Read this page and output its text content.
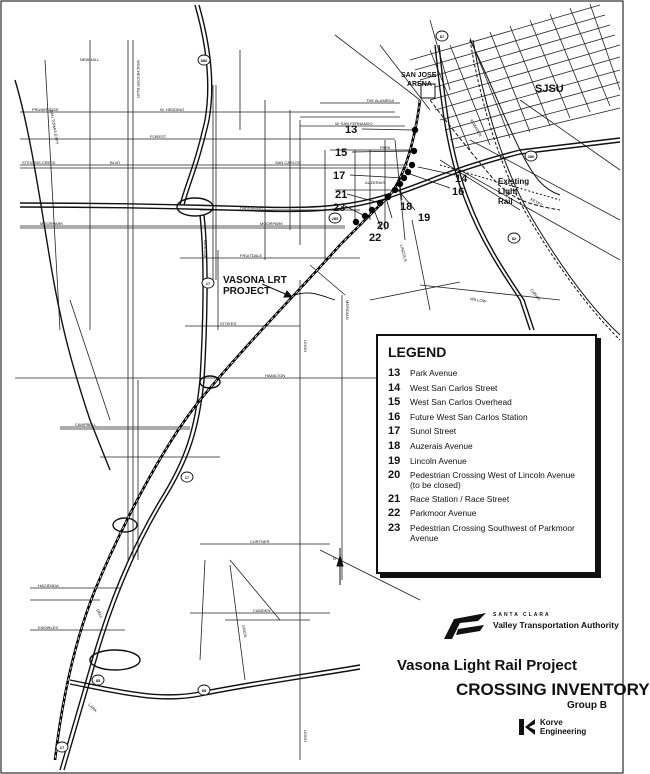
880
87
280
280
17
17
17
85
85
82
SAN JOSE
ARENA
NEWHALL
W. HEDDING
PRUNERIDGE
FOREST
STEVENS CREEK	BLVD	SAN CARLOS
PARKMOOR
MOORPARK	MOORPARK
FRUITDALE
STOKES
HAMILTON
CAMPBELL
CURTNER
CAMDEN
HACIENDA
KNOWLES
THE ALAMEDA
W. SAN FERNANDO
PARK
AUZERAIS
Caltrain
WINCHESTER BLVD
BASCOM
MERIDIAN
LEIGH
LEIGH
UNION
LARK
DELL
SAN TOMAS EXPY
LINCOLN
WILLOW
KEYES
ALMADEN
VASONA LRT
PROJECT
Existing
Light
Rail
SJSU
13
15
14
17
16
21
18
23
19
20
22
N
LEGEND
13	Park Avenue
14	West San Carlos Street
15	West San Carlos Overhead
16	Future West San Carlos Station
17	Sunol Street
18	Auzerais Avenue
19	Lincoln Avenue
20	Pedestrian Crossing West of Lincoln Avenue (to be closed)
21	Race Station / Race Street
22	Parkmoor Avenue
23	Pedestrian Crossing Southwest of Parkmoor Avenue
SANTA CLARA
Valley Transportation Authority
Vasona Light Rail Project
CROSSING INVENTORY
Group B
Korve
Engineering
